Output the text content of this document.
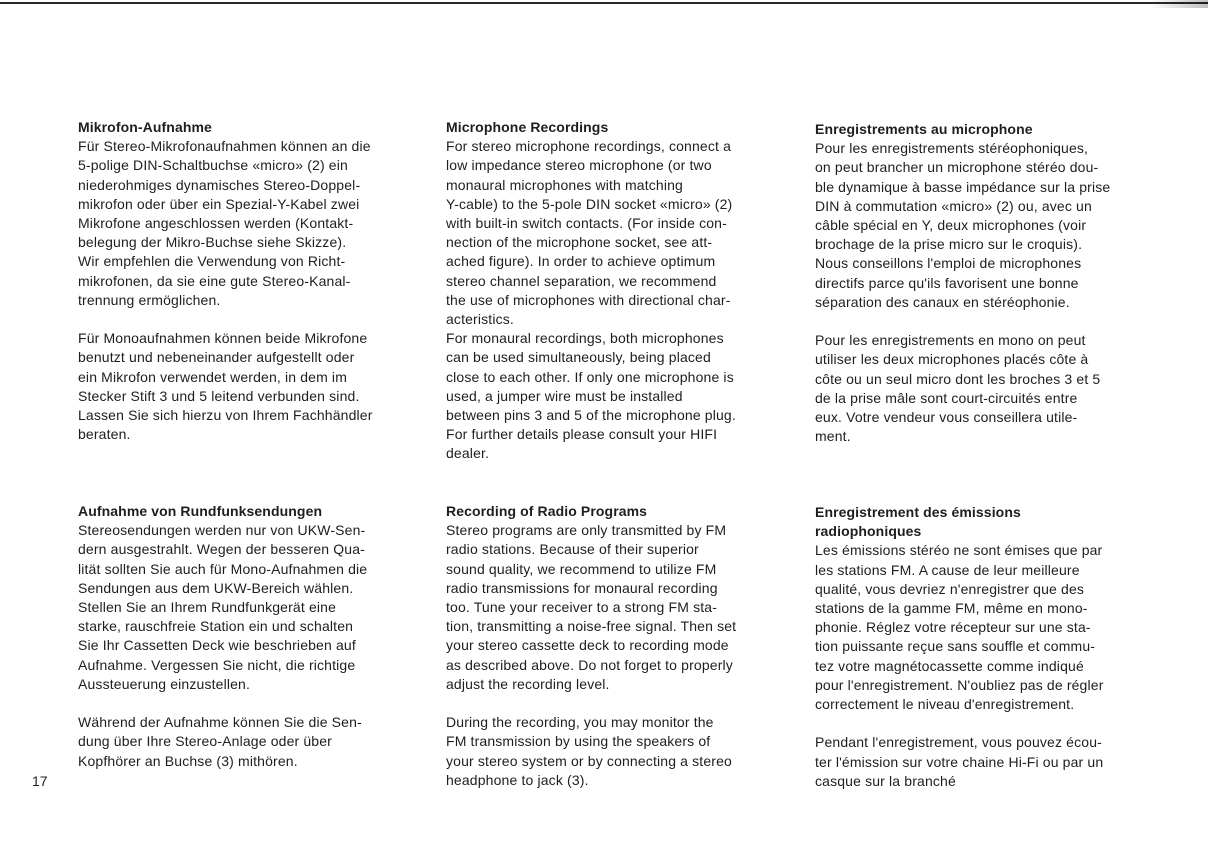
Mikrofon-Aufnahme

Für Stereo-Mikrofonaufnahmen können an die
5-polige DIN-Schaltbuchse «micro» (2) ein
niederohmiges dynamisches Stereo-Doppel-
mikrofon oder über ein Spezial-Y-Kabel zwei
Mikrofone angeschlossen werden (Kontakt-
belegung der Mikro-Buchse siehe Skizze).
Wir empfehlen die Verwendung von Richt-
mikrofonen, da sie eine gute Stereo-Kanal-
trennung ermöglichen.

Für Monoaufnahmen können beide Mikrofone
benutzt und nebeneinander aufgestellt oder
ein Mikrofon verwendet werden, in dem im
Stecker Stift 3 und 5 leitend verbunden sind.
Lassen Sie sich hierzu von Ihrem Fachhändler
beraten.

Aufnahme von Rundfunksendungen

Stereosendungen werden nur von UKW-Sen-
dern ausgestrahlt. Wegen der besseren Qua-
lität sollten Sie auch für Mono-Aufnahmen die
Sendungen aus dem UKW-Bereich wählen.
Stellen Sie an Ihrem Rundfunkgerät eine
starke, rauschfreie Station ein und schalten
Sie Ihr Cassetten Deck wie beschrieben auf
Aufnahme. Vergessen Sie nicht, die richtige
Aussteuerung einzustellen.

Während der Aufnahme können Sie die Sen-
dung über Ihre Stereo-Anlage oder über
Kopfhörer an Buchse (3) mithören.

Microphone Recordings

For stereo microphone recordings, connect a
low impedance stereo microphone (or two
monaural microphones with matching
Y-cable) to the 5-pole DIN socket «micro» (2)
with built-in switch contacts. (For inside con-
nection of the microphone socket, see att-
ached figure). In order to achieve optimum
stereo channel separation, we recommend
the use of microphones with directional char-
acteristics.
For monaural recordings, both microphones
can be used simultaneously, being placed
close to each other. If only one microphone is
used, a jumper wire must be installed
between pins 3 and 5 of the microphone plug.
For further details please consult your HIFI
dealer.

Recording of Radio Programs

Stereo programs are only transmitted by FM
radio stations. Because of their superior
sound quality, we recommend to utilize FM
radio transmissions for monaural recording
too. Tune your receiver to a strong FM sta-
tion, transmitting a noise-free signal. Then set
your stereo cassette deck to recording mode
as described above. Do not forget to properly
adjust the recording level.

During the recording, you may monitor the
FM transmission by using the speakers of
your stereo system or by connecting a stereo
headphone to jack (3).

Enregistrements au microphone

Pour les enregistrements stéréophoniques,
on peut brancher un microphone stéréo dou-
ble dynamique à basse impédance sur la prise
DIN à commutation «micro» (2) ou, avec un
câble spécial en Y, deux microphones (voir
brochage de la prise micro sur le croquis).
Nous conseillons l'emploi de microphones
directifs parce qu'ils favorisent une bonne
séparation des canaux en stéréophonie.

Pour les enregistrements en mono on peut
utiliser les deux microphones placés côte à
côte ou un seul micro dont les broches 3 et 5
de la prise mâle sont court-circuités entre
eux. Votre vendeur vous conseillera utile-
ment.

Enregistrement des émissions
radiophoniques

Les émissions stéréo ne sont émises que par
les stations FM. A cause de leur meilleure
qualité, vous devriez n'enregistrer que des
stations de la gamme FM, même en mono-
phonie. Réglez votre récepteur sur une sta-
tion puissante reçue sans souffle et commu-
tez votre magnétocassette comme indiqué
pour l'enregistrement. N'oubliez pas de régler
correctement le niveau d'enregistrement.

Pendant l'enregistrement, vous pouvez écou-
ter l'émission sur votre chaine Hi-Fi ou par un
casque sur la branché

17
